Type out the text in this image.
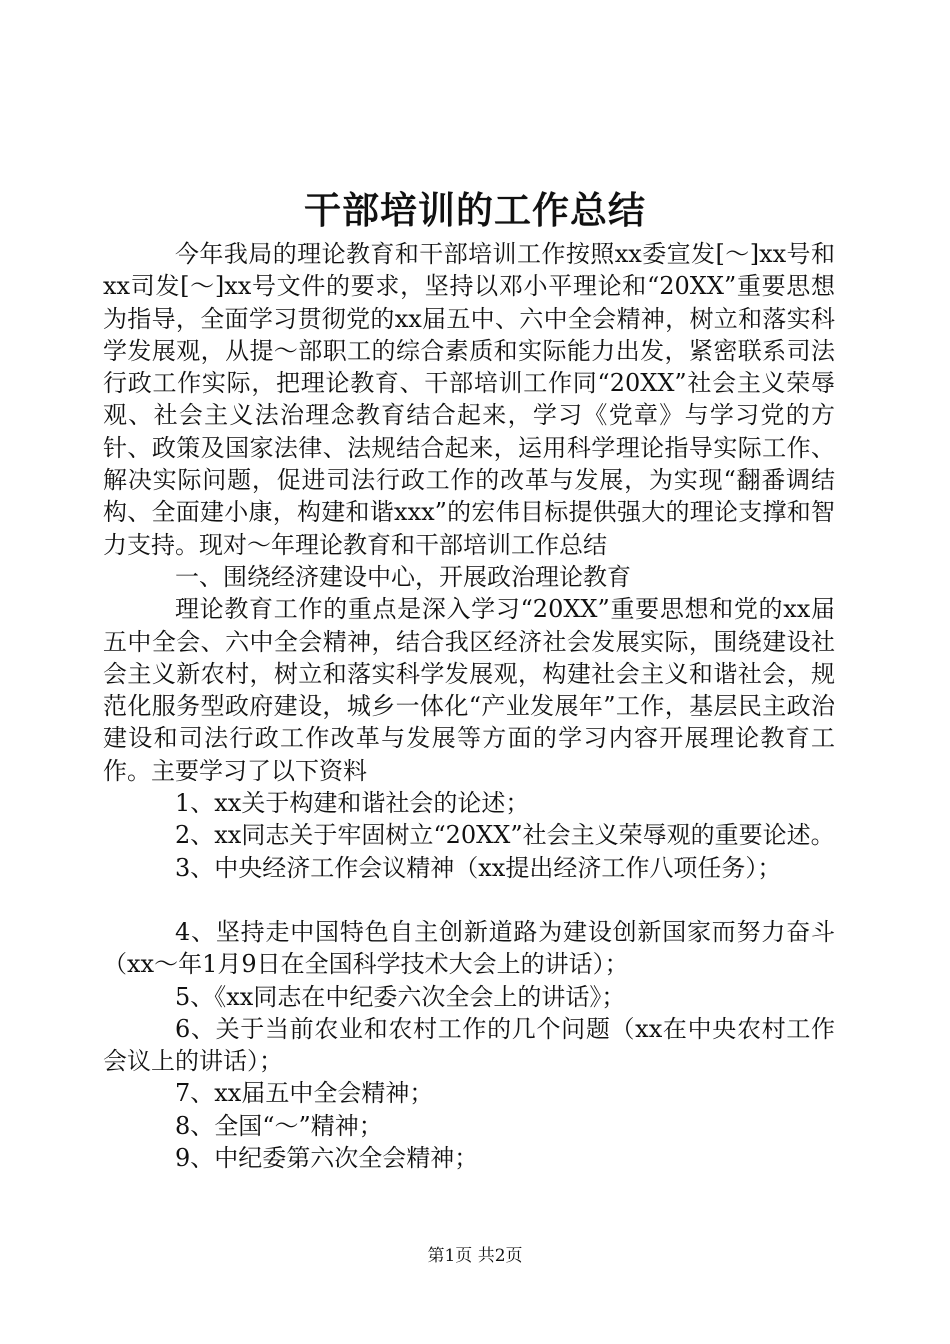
干部培训的工作总结

今年我局的理论教育和干部培训工作按照xx委宣发[～]xx号和xx司发[～]xx号文件的要求，坚持以邓小平理论和“20XX”重要思想为指导，全面学习贯彻党的xx届五中、六中全会精神，树立和落实科学发展观，从提～部职工的综合素质和实际能力出发，紧密联系司法行政工作实际，把理论教育、干部培训工作同“20XX”社会主义荣辱观、社会主义法治理念教育结合起来，学习《党章》与学习党的方针、政策及国家法律、法规结合起来，运用科学理论指导实际工作、解决实际问题，促进司法行政工作的改革与发展，为实现“翻番调结构、全面建小康，构建和谐xxx”的宏伟目标提供强大的理论支撑和智力支持。现对～年理论教育和干部培训工作总结

一、围绕经济建设中心，开展政治理论教育

理论教育工作的重点是深入学习“20XX”重要思想和党的xx届五中全会、六中全会精神，结合我区经济社会发展实际，围绕建设社会主义新农村，树立和落实科学发展观，构建社会主义和谐社会，规范化服务型政府建设，城乡一体化“产业发展年”工作，基层民主政治建设和司法行政工作改革与发展等方面的学习内容开展理论教育工作。主要学习了以下资料

1、xx关于构建和谐社会的论述；

2、xx同志关于牢固树立“20XX”社会主义荣辱观的重要论述。

3、中央经济工作会议精神（xx提出经济工作八项任务）；

4、坚持走中国特色自主创新道路为建设创新国家而努力奋斗（xx～年1月9日在全国科学技术大会上的讲话）；

5、《xx同志在中纪委六次全会上的讲话》；

6、关于当前农业和农村工作的几个问题（xx在中央农村工作会议上的讲话）；

7、xx届五中全会精神；

8、全国“～”精神；

9、中纪委第六次全会精神；

第1页 共2页
